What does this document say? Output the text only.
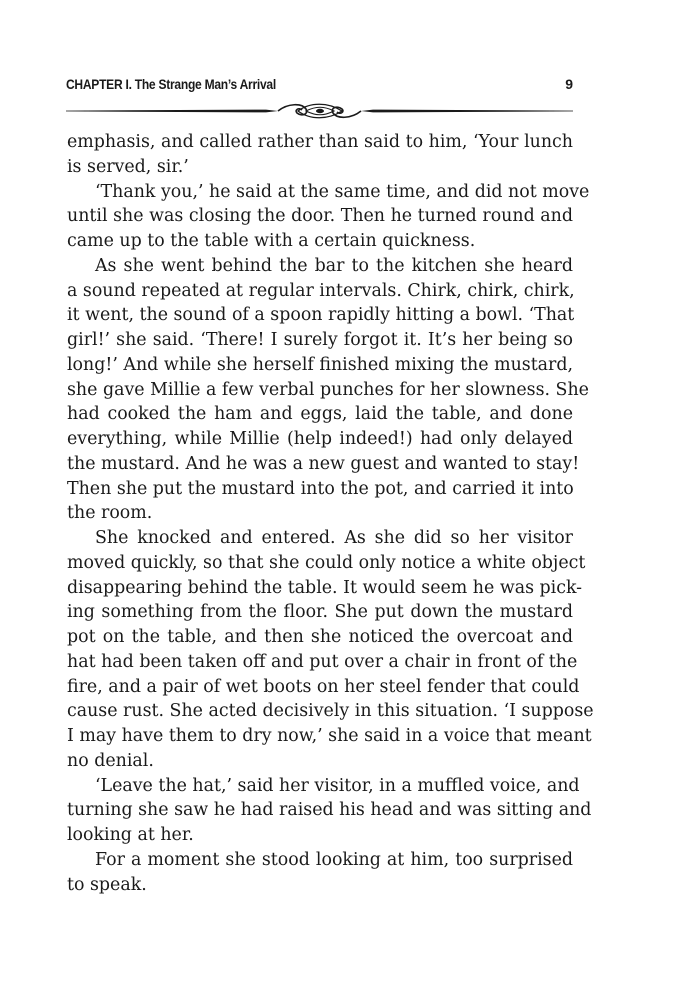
CHAPTER I. The Strange Man’s Arrival	9
emphasis, and called rather than said to him, ‘Your lunch
is served, sir.’
‘Thank you,’ he said at the same time, and did not move
until she was closing the door. Then he turned round and
came up to the table with a certain quickness.
As she went behind the bar to the kitchen she heard
a sound repeated at regular intervals. Chirk, chirk, chirk,
it went, the sound of a spoon rapidly hitting a bowl. ‘That
girl!’ she said. ‘There! I surely forgot it. It’s her being so
long!’ And while she herself finished mixing the mustard,
she gave Millie a few verbal punches for her slowness. She
had cooked the ham and eggs, laid the table, and done
everything, while Millie (help indeed!) had only delayed
the mustard. And he was a new guest and wanted to stay!
Then she put the mustard into the pot, and carried it into
the room.
She knocked and entered. As she did so her visitor
moved quickly, so that she could only notice a white object
disappearing behind the table. It would seem he was pick-
ing something from the floor. She put down the mustard
pot on the table, and then she noticed the overcoat and
hat had been taken off and put over a chair in front of the
fire, and a pair of wet boots on her steel fender that could
cause rust. She acted decisively in this situation. ‘I suppose
I may have them to dry now,’ she said in a voice that meant
no denial.
‘Leave the hat,’ said her visitor, in a muffled voice, and
turning she saw he had raised his head and was sitting and
looking at her.
For a moment she stood looking at him, too surprised
to speak.
